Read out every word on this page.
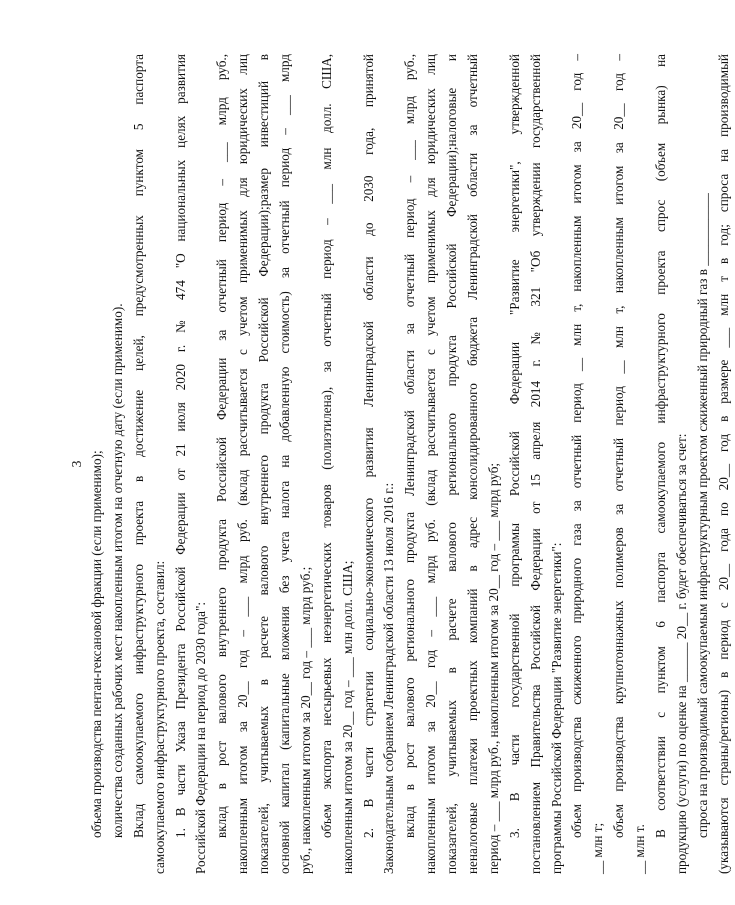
3 объема производства пентан-гексановой фракции (если применимо); количества созданных рабочих мест накопленным итогом на отчетную дату (если применимо). Вклад самоокупаемого инфраструктурного проекта в достижение целей, предусмотренных пунктом 5 паспорта самоокупаемого инфраструктурного проекта, составил: 1. В части Указа Президента Российской Федерации от 21 июля 2020 г. № 474 "О национальных целях развития Российской Федерации на период до 2030 года": вклад в рост валового внутреннего продукта Российской Федерации за отчетный период – ___ млрд руб., накопленным итогом за 20__ год – ___ млрд руб. (вклад рассчитывается с учетом применимых для юридических лиц показателей, учитываемых в расчете валового внутреннего продукта Российской Федерации);размер инвестиций в основной капитал (капитальные вложения без учета налога на добавленную стоимость) за отчетный период – ___ млрд руб., накопленным итогом за 20__ год – ___ млрд руб.; объем экспорта несырьевых неэнергетических товаров (полиэтилена), за отчетный период – ___ млн долл. США, накопленным итогом за 20__ год – ___ млн долл. США; 2. В части стратегии социально-экономического развития Ленинградской области до 2030 года, принятой Законодательным собранием Ленинградской области 13 июля 2016 г.: вклад в рост валового регионального продукта Ленинградской области за отчетный период – ___ млрд руб., накопленным итогом за 20__ год – ___ млрд руб. (вклад рассчитывается с учетом применимых для юридических лиц показателей, учитываемых в расчете валового регионального продукта Российской Федерации);налоговые и неналоговые платежи проектных компаний в адрес консолидированного бюджета Ленинградской области за отчетный период – ___ млрд руб., накопленным итогом за 20__ год – ___ млрд руб; 3. В части государственной программы Российской Федерации "Развитие энергетики", утвержденной постановлением Правительства Российской Федерации от 15 апреля 2014 г. № 321 "Об утверждении государственной программы Российской Федерации "Развитие энергетики": объем производства сжиженного природного газа за отчетный период __ млн т, накопленным итогом за 20__ год –
__ млн т;
объем производства крупнотоннажных полимеров за отчетный период __ млн т, накопленным итогом за 20__ год –
__ млн т.
В соответствии с пунктом 6 паспорта самоокупаемого инфраструктурного проекта спрос (объем рынка) на продукцию (услуги) по оценке на ______ 20__ г. будет обеспечиваться за счет: спроса на производимый самоокупаемым инфраструктурным проектом сжиженный природный газ в ___________ (указываются страны/регионы) в период с 20__ года по 20__ год в размере ___ млн т в год; спроса на производимый
